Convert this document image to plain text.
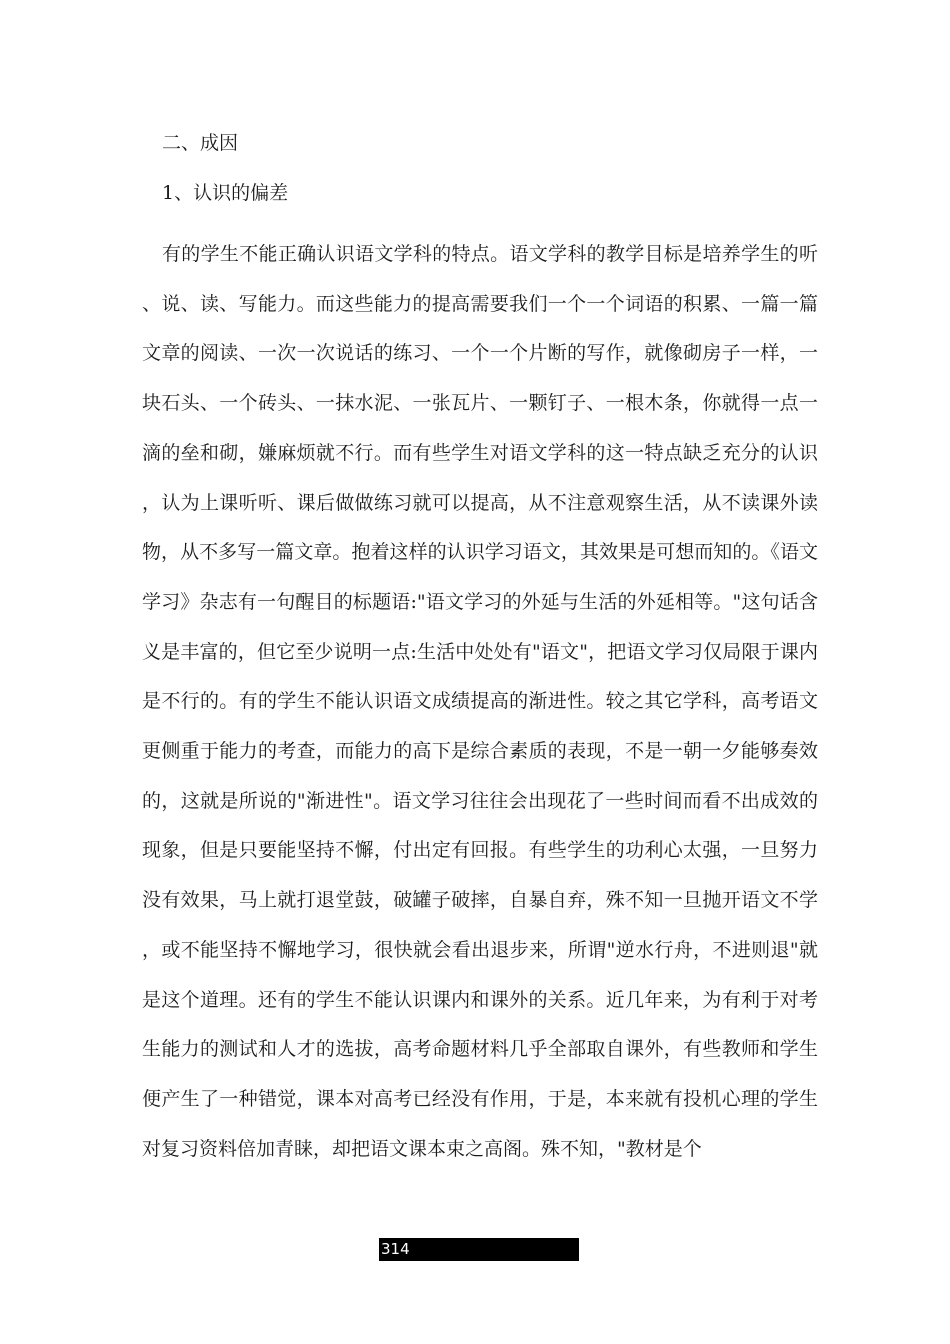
二、成因
1、认识的偏差

有的学生不能正确认识语文学科的特点。语文学科的教学目标是培养学生的听、说、读、写能力。而这些能力的提高需要我们一个一个词语的积累、一篇一篇文章的阅读、一次一次说话的练习、一个一个片断的写作，就像砌房子一样，一块石头、一个砖头、一抹水泥、一张瓦片、一颗钉子、一根木条，你就得一点一滴的垒和砌，嫌麻烦就不行。而有些学生对语文学科的这一特点缺乏充分的认识，认为上课听听、课后做做练习就可以提高，从不注意观察生活，从不读课外读物，从不多写一篇文章。抱着这样的认识学习语文，其效果是可想而知的。《语文学习》杂志有一句醒目的标题语:"语文学习的外延与生活的外延相等。"这句话含义是丰富的，但它至少说明一点:生活中处处有"语文"，把语文学习仅局限于课内是不行的。有的学生不能认识语文成绩提高的渐进性。较之其它学科，高考语文更侧重于能力的考查，而能力的高下是综合素质的表现，不是一朝一夕能够奏效的，这就是所说的"渐进性"。语文学习往往会出现花了一些时间而看不出成效的现象，但是只要能坚持不懈，付出定有回报。有些学生的功利心太强，一旦努力没有效果，马上就打退堂鼓，破罐子破摔，自暴自弃，殊不知一旦抛开语文不学，或不能坚持不懈地学习，很快就会看出退步来，所谓"逆水行舟，不进则退"就是这个道理。还有的学生不能认识课内和课外的关系。近几年来，为有利于对考生能力的测试和人才的选拔，高考命题材料几乎全部取自课外，有些教师和学生便产生了一种错觉，课本对高考已经没有作用，于是，本来就有投机心理的学生对复习资料倍加青睐，却把语文课本束之高阁。殊不知，"教材是个

314
